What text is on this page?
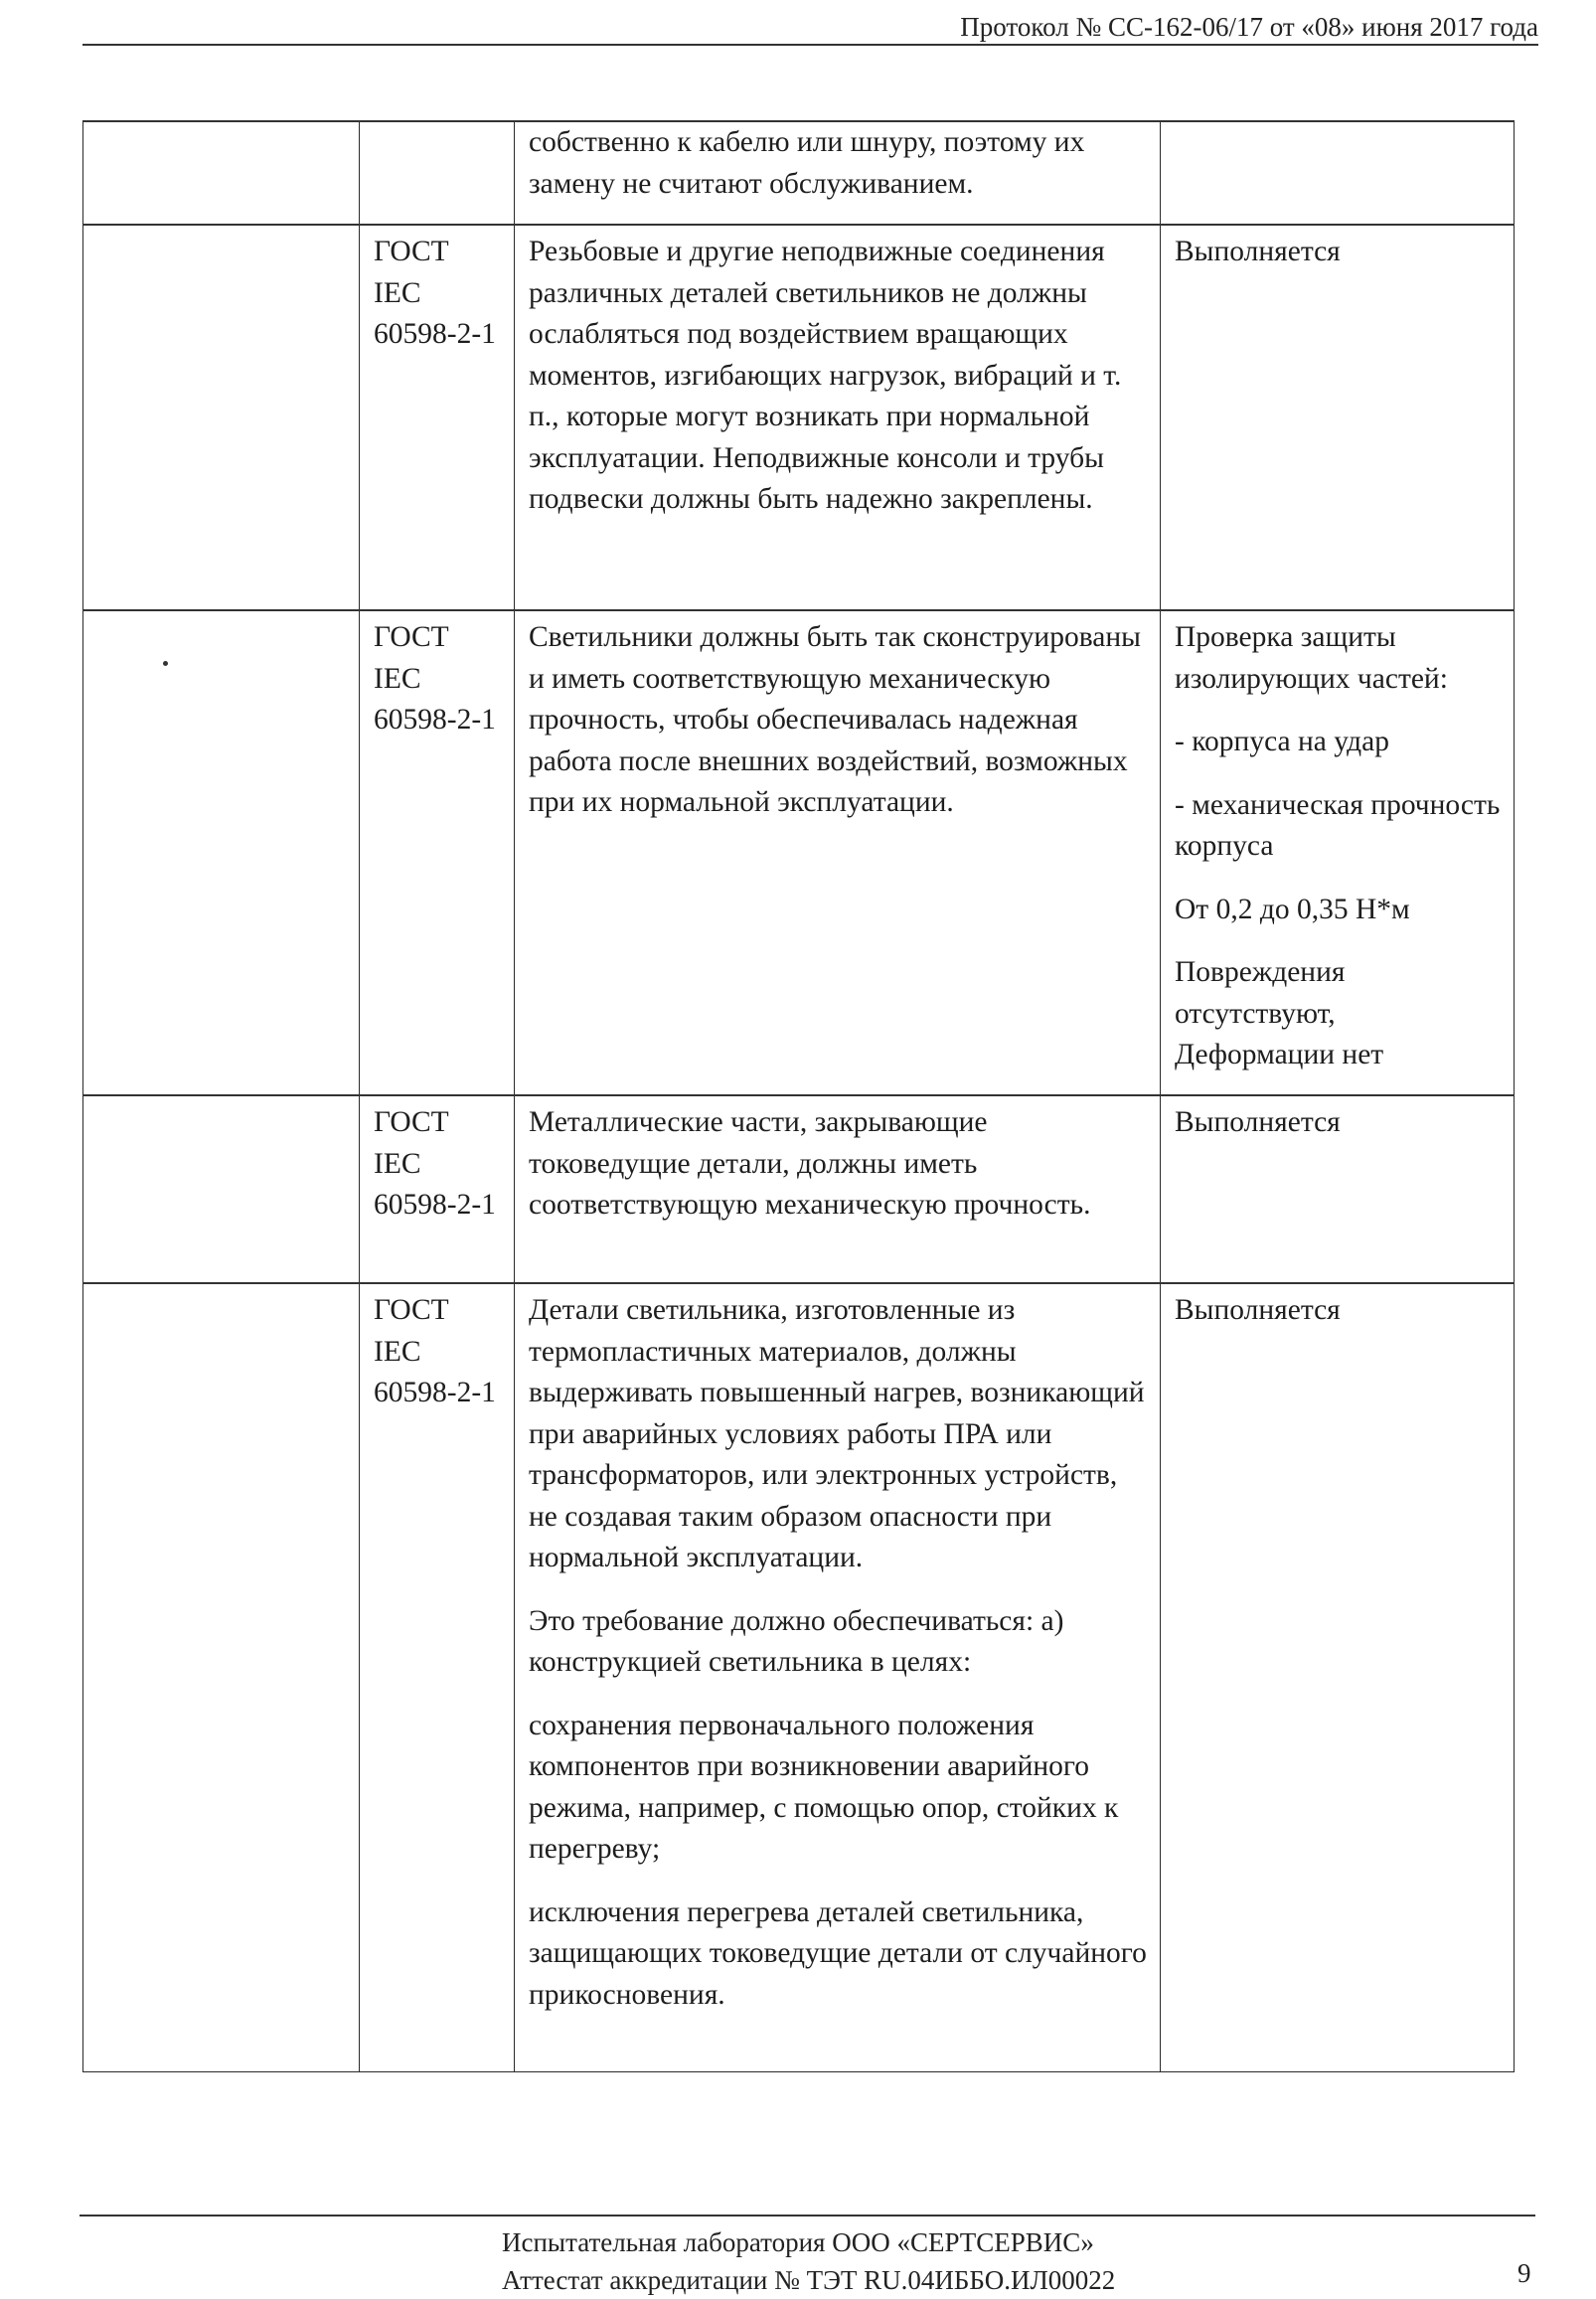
Протокол № СС-162-06/17 от «08» июня 2017 года

		собственно к кабелю или шнуру, поэтому их замену не считают обслуживанием.	

	ГОСТ IEC 60598-2-1	Резьбовые и другие неподвижные соединения различных деталей светильников не должны ослабляться под воздействием вращающих моментов, изгибающих нагрузок, вибраций и т. п., которые могут возникать при нормальной эксплуатации. Неподвижные консоли и трубы подвески должны быть надежно закреплены.	Выполняется

	ГОСТ IEC 60598-2-1	Светильники должны быть так сконструированы и иметь соответствующую механическую прочность, чтобы обеспечивалась надежная работа после внешних воздействий, возможных при их нормальной эксплуатации.	Проверка защиты изолирующих частей:

- корпуса на удар

- механическая прочность корпуса

От 0,2 до 0,35 Н*м

Повреждения отсутствуют, Деформации нет

	ГОСТ IEC 60598-2-1	Металлические части, закрывающие токоведущие детали, должны иметь соответствующую механическую прочность.	Выполняется

	ГОСТ IEC 60598-2-1	Детали светильника, изготовленные из термопластичных материалов, должны выдерживать повышенный нагрев, возникающий при аварийных условиях работы ПРА или трансформаторов, или электронных устройств, не создавая таким образом опасности при нормальной эксплуатации.

Это требование должно обеспечиваться: а) конструкцией светильника в целях:

сохранения первоначального положения компонентов при возникновении аварийного режима, например, с помощью опор, стойких к перегреву;

исключения перегрева деталей светильника, защищающих токоведущие детали от случайного прикосновения.	Выполняется

Испытательная лаборатория ООО «СЕРТСЕРВИС»
Аттестат аккредитации № ТЭТ RU.04ИББО.ИЛ00022	9
